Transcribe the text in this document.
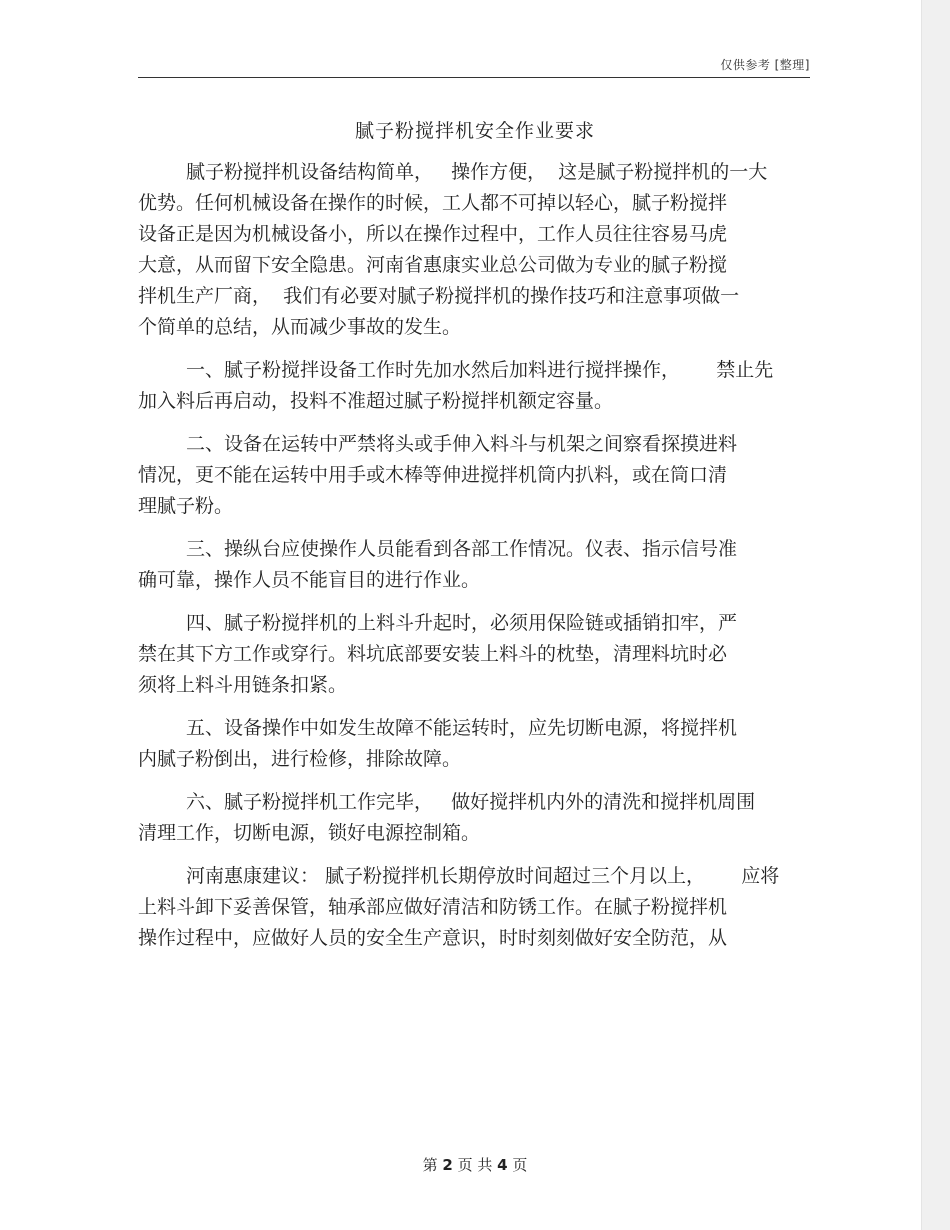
仅供参考 [整理]
腻子粉搅拌机安全作业要求
腻子粉搅拌机设备结构简单，   操作方便，  这是腻子粉搅拌机的一大
优势。任何机械设备在操作的时候，工人都不可掉以轻心，腻子粉搅拌
设备正是因为机械设备小，所以在操作过程中，工作人员往往容易马虎
大意，从而留下安全隐患。河南省惠康实业总公司做为专业的腻子粉搅
拌机生产厂商，  我们有必要对腻子粉搅拌机的操作技巧和注意事项做一
个简单的总结，从而减少事故的发生。
一、腻子粉搅拌设备工作时先加水然后加料进行搅拌操作，      禁止先
加入料后再启动，投料不准超过腻子粉搅拌机额定容量。
二、设备在运转中严禁将头或手伸入料斗与机架之间察看探摸进料
情况，更不能在运转中用手或木棒等伸进搅拌机筒内扒料，或在筒口清
理腻子粉。
三、操纵台应使操作人员能看到各部工作情况。仪表、指示信号准
确可靠，操作人员不能盲目的进行作业。
四、腻子粉搅拌机的上料斗升起时，必须用保险链或插销扣牢，严
禁在其下方工作或穿行。料坑底部要安装上料斗的枕垫，清理料坑时必
须将上料斗用链条扣紧。
五、设备操作中如发生故障不能运转时，应先切断电源，将搅拌机
内腻子粉倒出，进行检修，排除故障。
六、腻子粉搅拌机工作完毕，   做好搅拌机内外的清洗和搅拌机周围
清理工作，切断电源，锁好电源控制箱。
河南惠康建议： 腻子粉搅拌机长期停放时间超过三个月以上，      应将
上料斗卸下妥善保管，轴承部应做好清洁和防锈工作。在腻子粉搅拌机
操作过程中，应做好人员的安全生产意识，时时刻刻做好安全防范，从
第 2 页 共 4 页
